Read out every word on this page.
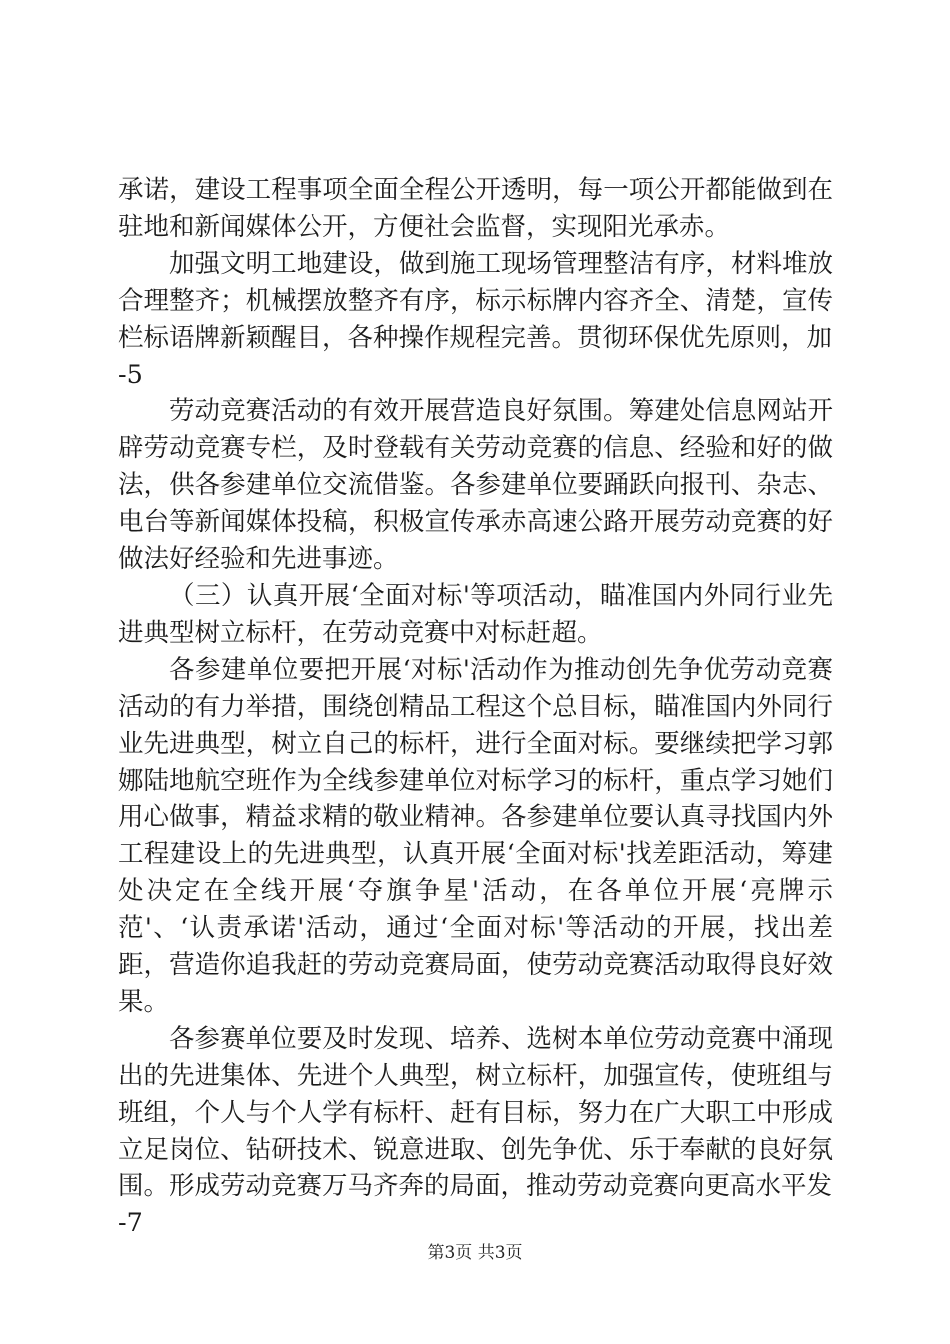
承诺，建设工程事项全面全程公开透明，每一项公开都能做到在驻地和新闻媒体公开，方便社会监督，实现阳光承赤。

加强文明工地建设，做到施工现场管理整洁有序，材料堆放合理整齐；机械摆放整齐有序，标示标牌内容齐全、清楚，宣传栏标语牌新颖醒目，各种操作规程完善。贯彻环保优先原则，加

-5

劳动竞赛活动的有效开展营造良好氛围。筹建处信息网站开辟劳动竞赛专栏，及时登载有关劳动竞赛的信息、经验和好的做法，供各参建单位交流借鉴。各参建单位要踊跃向报刊、杂志、电台等新闻媒体投稿，积极宣传承赤高速公路开展劳动竞赛的好做法好经验和先进事迹。

（三）认真开展‘全面对标'等项活动，瞄准国内外同行业先进典型树立标杆，在劳动竞赛中对标赶超。

各参建单位要把开展‘对标'活动作为推动创先争优劳动竞赛活动的有力举措，围绕创精品工程这个总目标，瞄准国内外同行业先进典型，树立自己的标杆，进行全面对标。要继续把学习郭娜陆地航空班作为全线参建单位对标学习的标杆，重点学习她们用心做事，精益求精的敬业精神。各参建单位要认真寻找国内外工程建设上的先进典型，认真开展‘全面对标'找差距活动，筹建处决定在全线开展‘夺旗争星'活动，在各单位开展‘亮牌示范'、‘认责承诺'活动，通过‘全面对标'等活动的开展，找出差距，营造你追我赶的劳动竞赛局面，使劳动竞赛活动取得良好效果。

各参赛单位要及时发现、培养、选树本单位劳动竞赛中涌现出的先进集体、先进个人典型，树立标杆，加强宣传，使班组与班组，个人与个人学有标杆、赶有目标，努力在广大职工中形成立足岗位、钻研技术、锐意进取、创先争优、乐于奉献的良好氛围。形成劳动竞赛万马齐奔的局面，推动劳动竞赛向更高水平发

-7

第3页 共3页
